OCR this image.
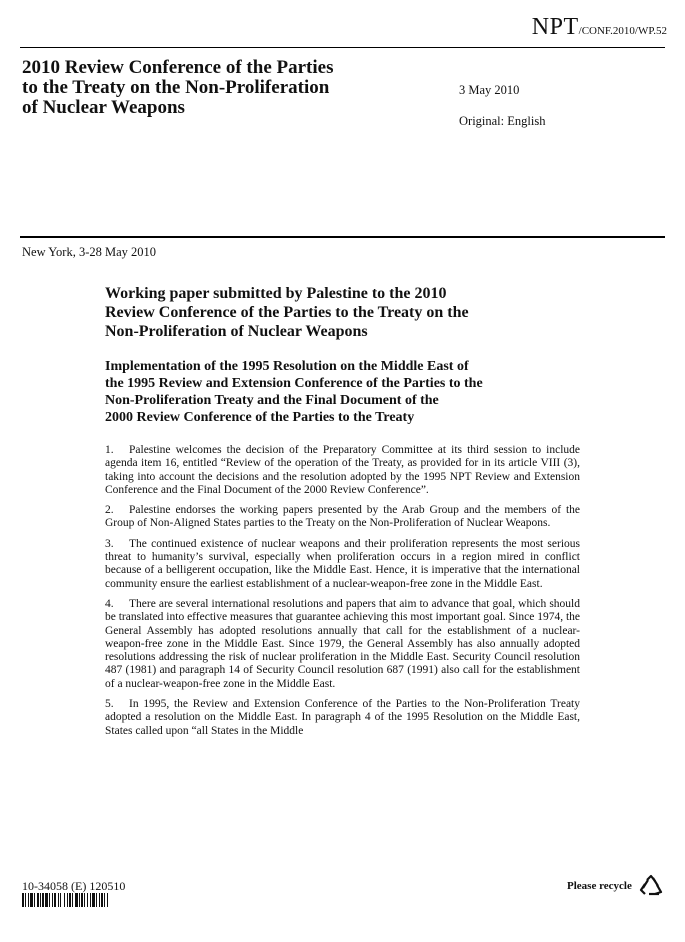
NPT/CONF.2010/WP.52
2010 Review Conference of the Parties
to the Treaty on the Non-Proliferation
of Nuclear Weapons
3 May 2010
Original: English
New York, 3-28 May 2010
Working paper submitted by Palestine to the 2010
Review Conference of the Parties to the Treaty on the
Non-Proliferation of Nuclear Weapons
Implementation of the 1995 Resolution on the Middle East of
the 1995 Review and Extension Conference of the Parties to the
Non-Proliferation Treaty and the Final Document of the
2000 Review Conference of the Parties to the Treaty

1. Palestine welcomes the decision of the Preparatory Committee at its third session to include agenda item 16, entitled “Review of the operation of the Treaty, as provided for in its article VIII (3), taking into account the decisions and the resolution adopted by the 1995 NPT Review and Extension Conference and the Final Document of the 2000 Review Conference”.

2. Palestine endorses the working papers presented by the Arab Group and the members of the Group of Non-Aligned States parties to the Treaty on the Non-Proliferation of Nuclear Weapons.

3. The continued existence of nuclear weapons and their proliferation represents the most serious threat to humanity’s survival, especially when proliferation occurs in a region mired in conflict because of a belligerent occupation, like the Middle East. Hence, it is imperative that the international community ensure the earliest establishment of a nuclear-weapon-free zone in the Middle East.

4. There are several international resolutions and papers that aim to advance that goal, which should be translated into effective measures that guarantee achieving this most important goal. Since 1974, the General Assembly has adopted resolutions annually that call for the establishment of a nuclear-weapon-free zone in the Middle East. Since 1979, the General Assembly has also annually adopted resolutions addressing the risk of nuclear proliferation in the Middle East. Security Council resolution 487 (1981) and paragraph 14 of Security Council resolution 687 (1991) also call for the establishment of a nuclear-weapon-free zone in the Middle East.

5. In 1995, the Review and Extension Conference of the Parties to the Non-Proliferation Treaty adopted a resolution on the Middle East. In paragraph 4 of the 1995 Resolution on the Middle East, States called upon “all States in the Middle

10-34058 (E) 120510	Please recycle
